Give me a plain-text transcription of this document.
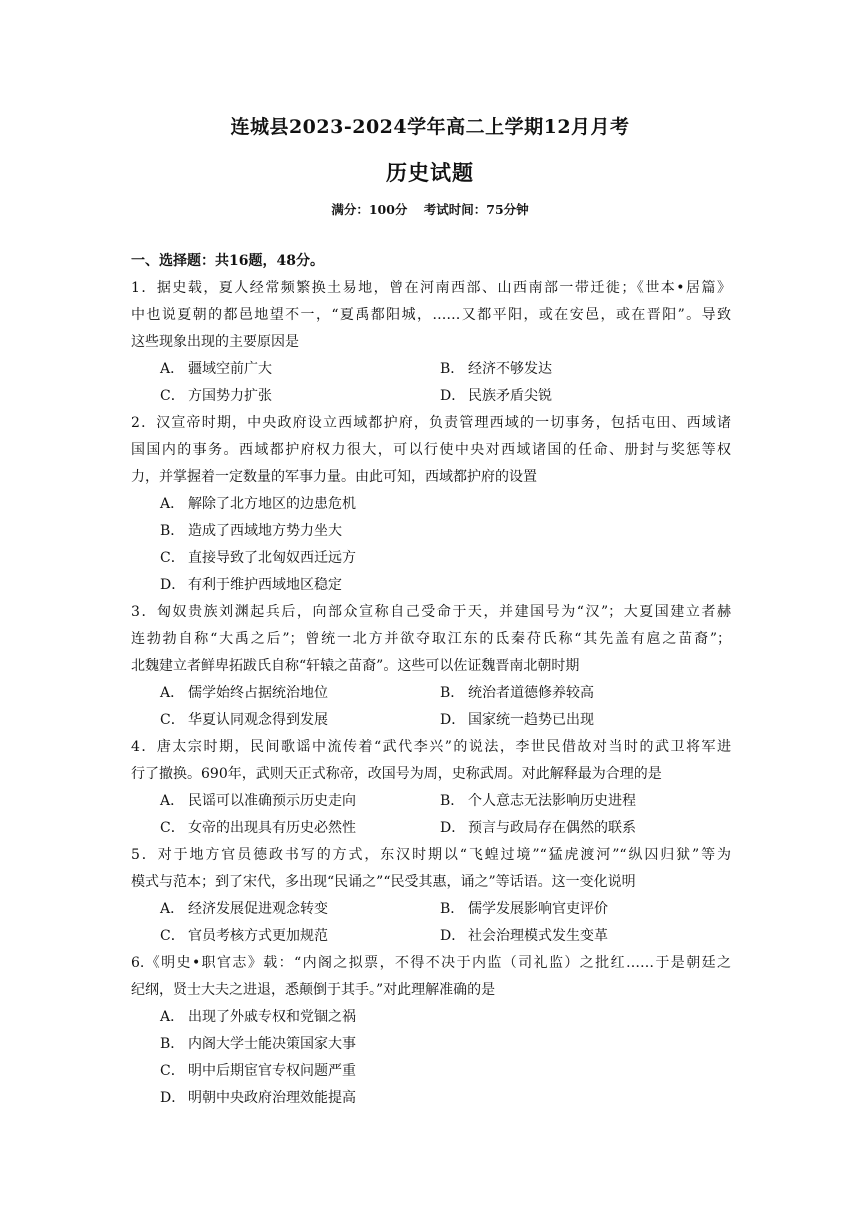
连城县2023-2024学年高二上学期12月月考
历史试题
满分：100分 考试时间：75分钟
一、选择题：共16题，48分。
1．据史载，夏人经常频繁换土易地，曾在河南西部、山西南部一带迁徙；《世本•居篇》
中也说夏朝的都邑地望不一，“夏禹都阳城，……又都平阳，或在安邑，或在晋阳”。导致
这些现象出现的主要原因是
A． 疆域空前广大	B． 经济不够发达
C． 方国势力扩张	D． 民族矛盾尖锐
2．汉宣帝时期，中央政府设立西域都护府，负责管理西域的一切事务，包括屯田、西域诸
国国内的事务。西域都护府权力很大，可以行使中央对西域诸国的任命、册封与奖惩等权
力，并掌握着一定数量的军事力量。由此可知，西域都护府的设置
A． 解除了北方地区的边患危机
B． 造成了西域地方势力坐大
C． 直接导致了北匈奴西迁远方
D． 有利于维护西域地区稳定
3．匈奴贵族刘渊起兵后，向部众宣称自己受命于天，并建国号为“汉”；大夏国建立者赫
连勃勃自称“大禹之后”；曾统一北方并欲夺取江东的氐秦苻氏称“其先盖有扈之苗裔”；
北魏建立者鲜卑拓跋氏自称“轩辕之苗裔”。这些可以佐证魏晋南北朝时期
A． 儒学始终占据统治地位	B． 统治者道德修养较高
C． 华夏认同观念得到发展	D． 国家统一趋势已出现
4．唐太宗时期，民间歌谣中流传着“武代李兴”的说法，李世民借故对当时的武卫将军进
行了撤换。690年，武则天正式称帝，改国号为周，史称武周。对此解释最为合理的是
A． 民谣可以准确预示历史走向	B． 个人意志无法影响历史进程
C． 女帝的出现具有历史必然性	D． 预言与政局存在偶然的联系
5．对于地方官员德政书写的方式，东汉时期以“飞蝗过境”“猛虎渡河”“纵囚归狱”等为
模式与范本；到了宋代，多出现“民诵之”“民受其惠，诵之”等话语。这一变化说明
A． 经济发展促进观念转变	B． 儒学发展影响官吏评价
C． 官员考核方式更加规范	D． 社会治理模式发生变革
6.《明史•职官志》载：“内阁之拟票，不得不决于内监（司礼监）之批红……于是朝廷之
纪纲，贤士大夫之进退，悉颠倒于其手。”对此理解准确的是
A． 出现了外戚专权和党锢之祸
B． 内阁大学士能决策国家大事
C． 明中后期宦官专权问题严重
D． 明朝中央政府治理效能提高
